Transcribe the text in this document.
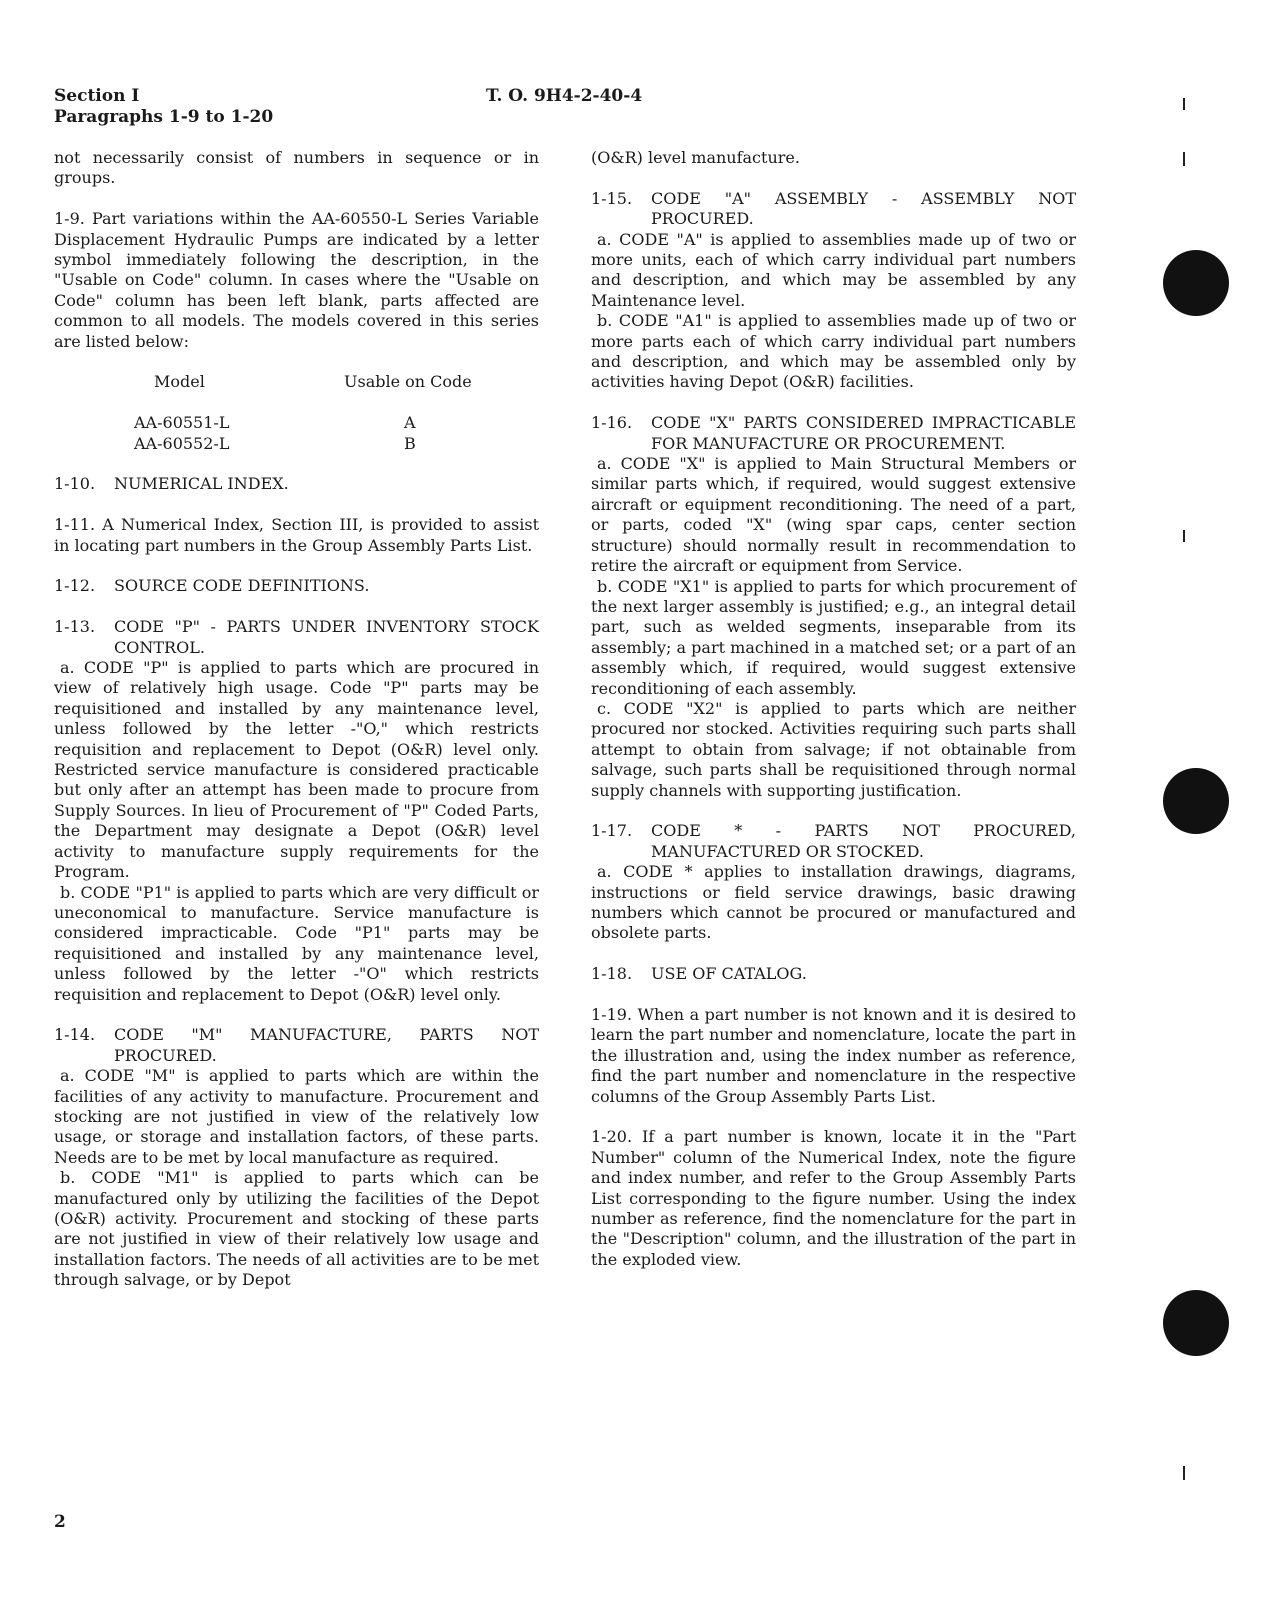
Section I
Paragraphs 1-9 to 1-20
T. O. 9H4-2-40-4

not necessarily consist of numbers in sequence or in groups.

1-9. Part variations within the AA-60550-L Series Variable Displacement Hydraulic Pumps are indicated by a letter symbol immediately following the description, in the "Usable on Code" column. In cases where the "Usable on Code" column has been left blank, parts affected are common to all models. The models covered in this series are listed below:

Model	Usable on Code
AA-60551-L	A
AA-60552-L	B
1-10.	NUMERICAL INDEX.

1-11. A Numerical Index, Section III, is provided to assist in locating part numbers in the Group Assembly Parts List.

1-12.	SOURCE CODE DEFINITIONS.
1-13.	CODE "P" - PARTS UNDER INVENTORY STOCK CONTROL.

a. CODE "P" is applied to parts which are procured in view of relatively high usage. Code "P" parts may be requisitioned and installed by any maintenance level, unless followed by the letter -"O," which restricts requisition and replacement to Depot (O&R) level only. Restricted service manufacture is considered practicable but only after an attempt has been made to procure from Supply Sources. In lieu of Procurement of "P" Coded Parts, the Department may designate a Depot (O&R) level activity to manufacture supply requirements for the Program.

b. CODE "P1" is applied to parts which are very difficult or uneconomical to manufacture. Service manufacture is considered impracticable. Code "P1" parts may be requisitioned and installed by any maintenance level, unless followed by the letter -"O" which restricts requisition and replacement to Depot (O&R) level only.

1-14.	CODE "M" MANUFACTURE, PARTS NOT PROCURED.

a. CODE "M" is applied to parts which are within the facilities of any activity to manufacture. Procurement and stocking are not justified in view of the relatively low usage, or storage and installation factors, of these parts. Needs are to be met by local manufacture as required.

b. CODE "M1" is applied to parts which can be manufactured only by utilizing the facilities of the Depot (O&R) activity. Procurement and stocking of these parts are not justified in view of their relatively low usage and installation factors. The needs of all activities are to be met through salvage, or by Depot

(O&R) level manufacture.

1-15.	CODE "A" ASSEMBLY - ASSEMBLY NOT PROCURED.

a. CODE "A" is applied to assemblies made up of two or more units, each of which carry individual part numbers and description, and which may be assembled by any Maintenance level.

b. CODE "A1" is applied to assemblies made up of two or more parts each of which carry individual part numbers and description, and which may be assembled only by activities having Depot (O&R) facilities.

1-16.	CODE "X" PARTS CONSIDERED IMPRACTICABLE FOR MANUFACTURE OR PROCUREMENT.

a. CODE "X" is applied to Main Structural Members or similar parts which, if required, would suggest extensive aircraft or equipment reconditioning. The need of a part, or parts, coded "X" (wing spar caps, center section structure) should normally result in recommendation to retire the aircraft or equipment from Service.

b. CODE "X1" is applied to parts for which procurement of the next larger assembly is justified; e.g., an integral detail part, such as welded segments, inseparable from its assembly; a part machined in a matched set; or a part of an assembly which, if required, would suggest extensive reconditioning of each assembly.

c. CODE "X2" is applied to parts which are neither procured nor stocked. Activities requiring such parts shall attempt to obtain from salvage; if not obtainable from salvage, such parts shall be requisitioned through normal supply channels with supporting justification.

1-17.	CODE * - PARTS NOT PROCURED, MANUFACTURED OR STOCKED.

a. CODE * applies to installation drawings, diagrams, instructions or field service drawings, basic drawing numbers which cannot be procured or manufactured and obsolete parts.

1-18.	USE OF CATALOG.

1-19. When a part number is not known and it is desired to learn the part number and nomenclature, locate the part in the illustration and, using the index number as reference, find the part number and nomenclature in the respective columns of the Group Assembly Parts List.

1-20. If a part number is known, locate it in the "Part Number" column of the Numerical Index, note the figure and index number, and refer to the Group Assembly Parts List corresponding to the figure number. Using the index number as reference, find the nomenclature for the part in the "Description" column, and the illustration of the part in the exploded view.

2
